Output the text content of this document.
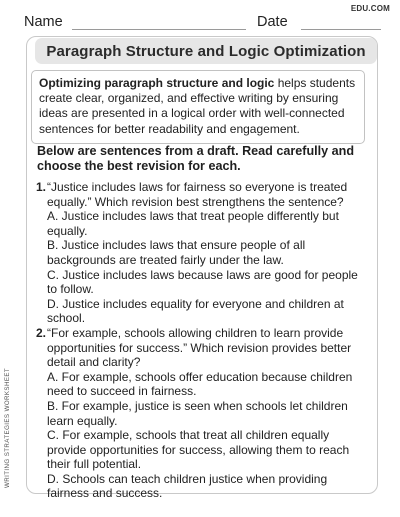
Name	Date
EDU.COM
Paragraph Structure and Logic Optimization

Optimizing paragraph structure and logic helps students create clear, organized, and effective writing by ensuring ideas are presented in a logical order with well-connected sentences for better readability and engagement.

Below are sentences from a draft. Read carefully and choose the best revision for each.
1. “Justice includes laws for fairness so everyone is treated equally.” Which revision best strengthens the sentence?
A. Justice includes laws that treat people differently but equally.
B. Justice includes laws that ensure people of all backgrounds are treated fairly under the law.
C. Justice includes laws because laws are good for people to follow.
D. Justice includes equality for everyone and children at school.
2. “For example, schools allowing children to learn provide opportunities for success.” Which revision provides better detail and clarity?
A. For example, schools offer education because children need to succeed in fairness.
B. For example, justice is seen when schools let children learn equally.
C. For example, schools that treat all children equally provide opportunities for success, allowing them to reach their full potential.
D. Schools can teach children justice when providing fairness and success.
WRITING STRATEGIES WORKSHEET
